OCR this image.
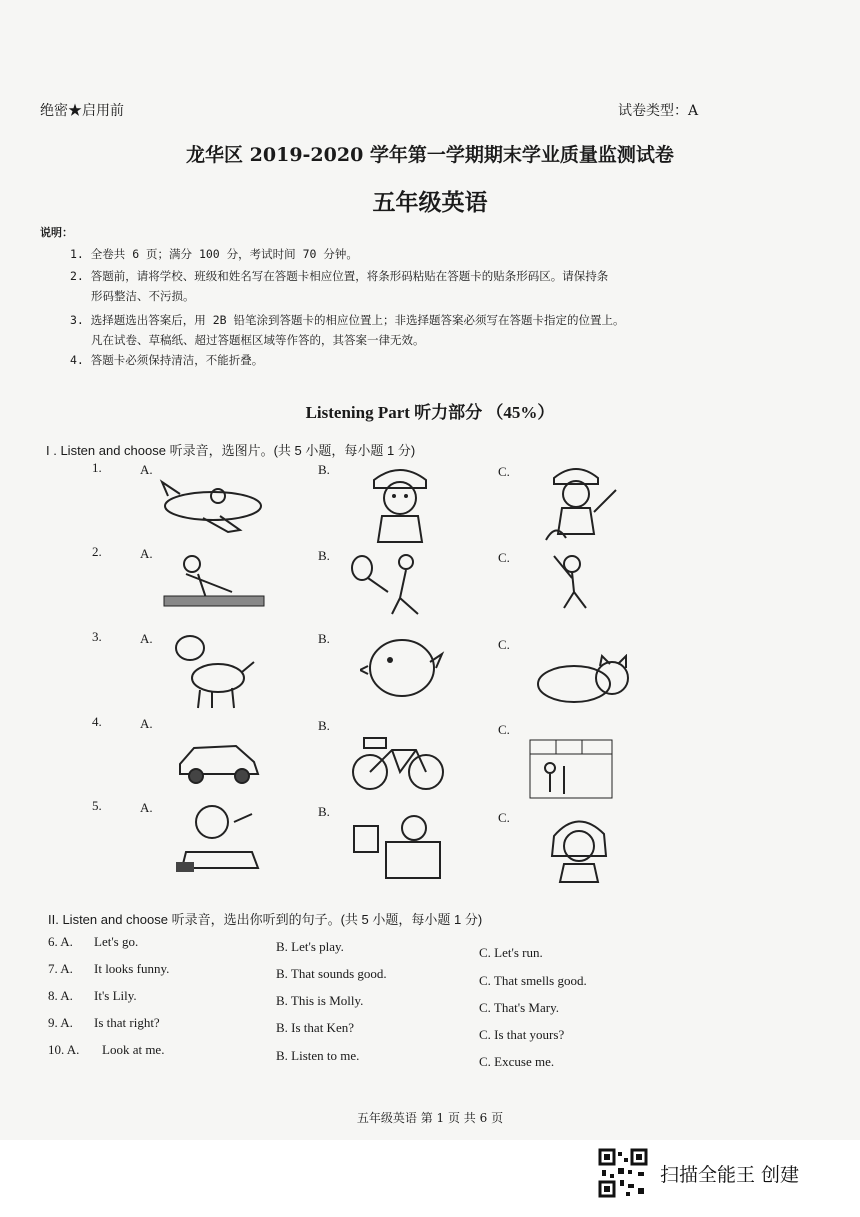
绝密★启用前	试卷类型：A
龙华区 2019-2020 学年第一学期期末学业质量监测试卷
五年级英语
说明：
1. 全卷共 6 页；满分 100 分，考试时间 70 分钟。
2. 答题前，请将学校、班级和姓名写在答题卡相应位置，将条形码粘贴在答题卡的贴条形码区。请保持条
形码整洁、不污损。
3. 选择题选出答案后，用 2B 铅笔涂到答题卡的相应位置上；非选择题答案必须写在答题卡指定的位置上。
凡在试卷、草稿纸、超过答题框区域等作答的，其答案一律无效。
4. 答题卡必须保持清洁，不能折叠。
Listening Part 听力部分 （45%）
I . Listen and choose 听录音，选图片。(共 5 小题，每小题 1 分)
1.	A.	B.	C.
2.	A.	B.	C.
3.	A.	B.	C.
4.	A.	B.	C.
5.	A.	B.	C.
II. Listen and choose 听录音，选出你听到的句子。(共 5 小题，每小题 1 分)
6. A. Let's go.	B. Let's play.	C. Let's run.
7. A. It looks funny.	B. That sounds good.	C. That smells good.
8. A. It's Lily.	B. This is Molly.	C. That's Mary.
9. A. Is that right?	B. Is that Ken?	C. Is that yours?
10. A. Look at me.	B. Listen to me.	C. Excuse me.
五年级英语 第 1 页 共 6 页
扫描全能王 创建
